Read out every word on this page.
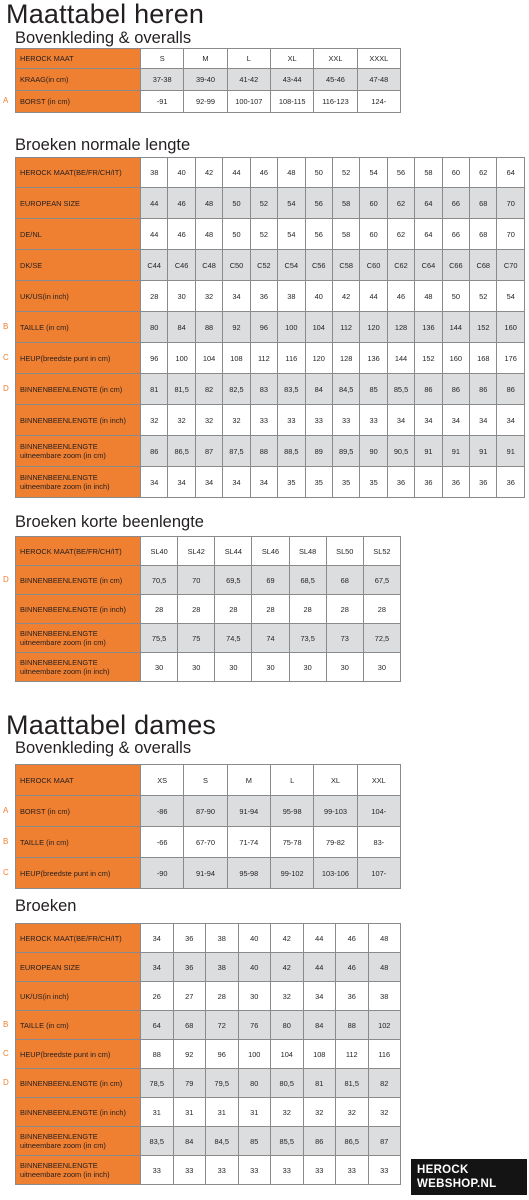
Maattabel heren
Bovenkleding & overalls
Broeken normale lengte
Broeken korte beenlengte
Maattabel dames
Bovenkleding & overalls
Broeken
HEROCK MAAT	S	M	L	XL	XXL	XXXL
KRAAG(in cm)	37-38	39-40	41-42	43-44	45-46	47-48
BORST (in cm)	-91	92-99	100-107	108-115	116-123	124-
HEROCK MAAT(BE/FR/CH/IT)	38	40	42	44	46	48	50	52	54	56	58	60	62	64
EUROPEAN SIZE	44	46	48	50	52	54	56	58	60	62	64	66	68	70
DE/NL	44	46	48	50	52	54	56	58	60	62	64	66	68	70
DK/SE	C44	C46	C48	C50	C52	C54	C56	C58	C60	C62	C64	C66	C68	C70
UK/US(in inch)	28	30	32	34	36	38	40	42	44	46	48	50	52	54
TAILLE (in cm)	80	84	88	92	96	100	104	112	120	128	136	144	152	160
HEUP(breedste punt in cm)	96	100	104	108	112	116	120	128	136	144	152	160	168	176
BINNENBEENLENGTE (in cm)	81	81,5	82	82,5	83	83,5	84	84,5	85	85,5	86	86	86	86
BINNENBEENLENGTE (in inch)	32	32	32	32	33	33	33	33	33	34	34	34	34	34
BINNENBEENLENGTE uitneembare zoom (in cm)	86	86,5	87	87,5	88	88,5	89	89,5	90	90,5	91	91	91	91
BINNENBEENLENGTE uitneembare zoom (in inch)	34	34	34	34	34	35	35	35	35	36	36	36	36	36
HEROCK MAAT(BE/FR/CH/IT)	SL40	SL42	SL44	SL46	SL48	SL50	SL52
BINNENBEENLENGTE (in cm)	70,5	70	69,5	69	68,5	68	67,5
BINNENBEENLENGTE (in inch)	28	28	28	28	28	28	28
BINNENBEENLENGTE uitneembare zoom (in cm)	75,5	75	74,5	74	73,5	73	72,5
BINNENBEENLENGTE uitneembare zoom (in inch)	30	30	30	30	30	30	30
HEROCK MAAT	XS	S	M	L	XL	XXL
BORST (in cm)	-86	87-90	91-94	95-98	99-103	104-
TAILLE (in cm)	-66	67-70	71-74	75-78	79-82	83-
HEUP(breedste punt in cm)	-90	91-94	95-98	99-102	103-106	107-
HEROCK MAAT(BE/FR/CH/IT)	34	36	38	40	42	44	46	48
EUROPEAN SIZE	34	36	38	40	42	44	46	48
UK/US(in inch)	26	27	28	30	32	34	36	38
TAILLE (in cm)	64	68	72	76	80	84	88	102
HEUP(breedste punt in cm)	88	92	96	100	104	108	112	116
BINNENBEENLENGTE (in cm)	78,5	79	79,5	80	80,5	81	81,5	82
BINNENBEENLENGTE (in inch)	31	31	31	31	32	32	32	32
BINNENBEENLENGTE uitneembare zoom (in cm)	83,5	84	84,5	85	85,5	86	86,5	87
BINNENBEENLENGTE uitneembare zoom (in inch)	33	33	33	33	33	33	33	33 HEROCK
WEBSHOP.NL
A
B
C
D
D
A
B
C
B
C
D
